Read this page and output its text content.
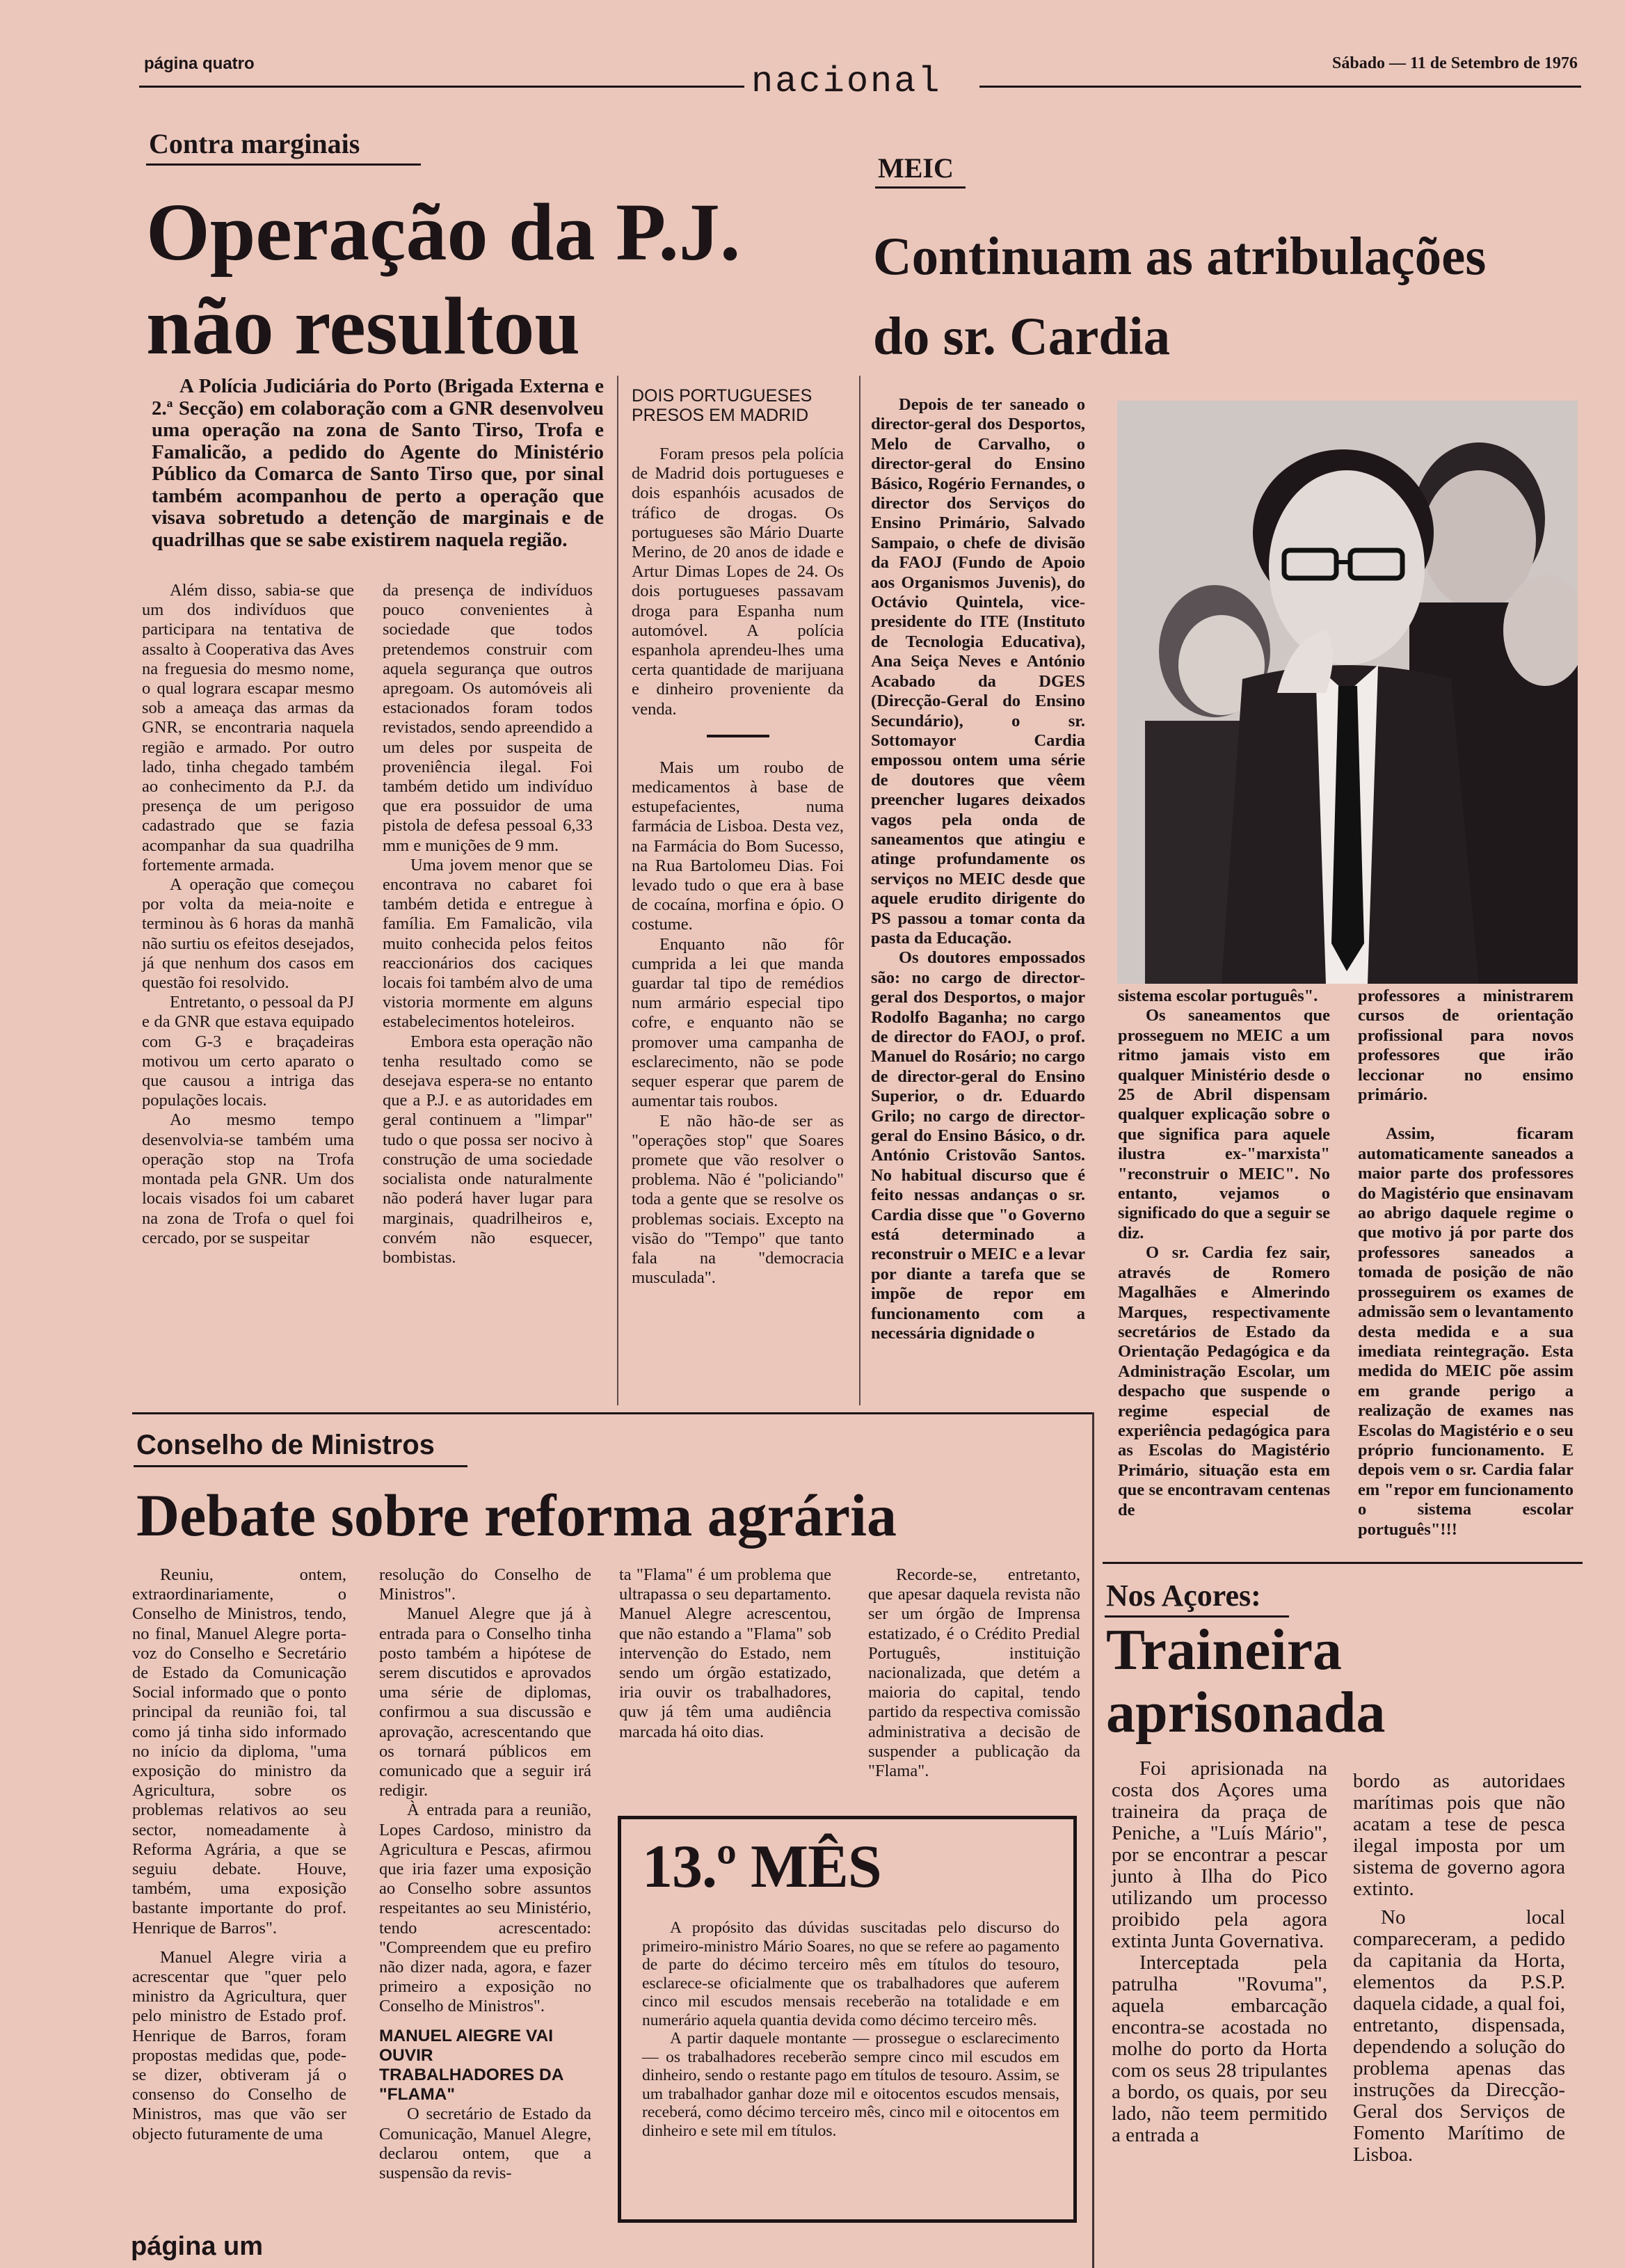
página quatro	nacional	Sábado — 11 de Setembro de 1976
Contra marginais
Operação da P.J.
não resultou

A Polícia Judiciária do Porto (Brigada Externa e 2.ª Secção) em colaboração com a GNR desenvolveu uma operação na zona de Santo Tirso, Trofa e Famalicão, a pedido do Agente do Ministério Público da Comarca de Santo Tirso que, por sinal também acompanhou de perto a operação que visava sobretudo a detenção de marginais e de quadrilhas que se sabe existirem naquela região.

Além disso, sabia-se que um dos indivíduos que participara na tentativa de assalto à Cooperativa das Aves na freguesia do mesmo nome, o qual lograra escapar mesmo sob a ameaça das armas da GNR, se encontraria naquela região e armado. Por outro lado, tinha chegado também ao conhecimento da P.J. da presença de um perigoso cadastrado que se fazia acompanhar da sua quadrilha fortemente armada.

A operação que começou por volta da meia-noite e terminou às 6 horas da manhã não surtiu os efeitos desejados, já que nenhum dos casos em questão foi resolvido.

Entretanto, o pessoal da PJ e da GNR que estava equipado com G-3 e braçadeiras motivou um certo aparato o que causou a intriga das populações locais.

Ao mesmo tempo desenvolvia-se também uma operação stop na Trofa montada pela GNR. Um dos locais visados foi um cabaret na zona de Trofa o quel foi cercado, por se suspeitar

da presença de indivíduos pouco convenientes à sociedade que todos pretendemos construir com aquela segurança que outros apregoam. Os automóveis ali estacionados foram todos revistados, sendo apreendido a um deles por suspeita de proveniência ilegal. Foi também detido um indivíduo que era possuidor de uma pistola de defesa pessoal 6,33 mm e munições de 9 mm.

Uma jovem menor que se encontrava no cabaret foi também detida e entregue à família. Em Famalicão, vila muito conhecida pelos feitos reaccionários dos caciques locais foi também alvo de uma vistoria mormente em alguns estabelecimentos hoteleiros.

Embora esta operação não tenha resultado como se desejava espera-se no entanto que a P.J. e as autoridades em geral continuem a "limpar" tudo o que possa ser nocivo à construção de uma sociedade socialista onde naturalmente não poderá haver lugar para marginais, quadrilheiros e, convém não esquecer, bombistas.

DOIS PORTUGUESES PRESOS EM MADRID

Foram presos pela polícia de Madrid dois portugueses e dois espanhóis acusados de tráfico de drogas. Os portugueses são Mário Duarte Merino, de 20 anos de idade e Artur Dimas Lopes de 24. Os dois portugueses passavam droga para Espanha num automóvel. A polícia espanhola aprendeu-lhes uma certa quantidade de marijuana e dinheiro proveniente da venda.

Mais um roubo de medicamentos à base de estupefacientes, numa farmácia de Lisboa. Desta vez, na Farmácia do Bom Sucesso, na Rua Bartolomeu Dias. Foi levado tudo o que era à base de cocaína, morfina e ópio. O costume.

Enquanto não fôr cumprida a lei que manda guardar tal tipo de remédios num armário especial tipo cofre, e enquanto não se promover uma campanha de esclarecimento, não se pode sequer esperar que parem de aumentar tais roubos.

E não hão-de ser as "operações stop" que Soares promete que vão resolver o problema. Não é "policiando" toda a gente que se resolve os problemas sociais. Excepto na visão do "Tempo" que tanto fala na "democracia musculada".

MEIC
Continuam as atribulações
do sr. Cardia

Depois de ter saneado o director-geral dos Desportos, Melo de Carvalho, o director-geral do Ensino Básico, Rogério Fernandes, o director dos Serviços do Ensino Primário, Salvado Sampaio, o chefe de divisão da FAOJ (Fundo de Apoio aos Organismos Juvenis), do Octávio Quintela, vice-presidente do ITE (Instituto de Tecnologia Educativa), Ana Seiça Neves e António Acabado da DGES (Direcção-Geral do Ensino Secundário), o sr. Sottomayor Cardia empossou ontem uma série de doutores que vêem preencher lugares deixados vagos pela onda de saneamentos que atingiu e atinge profundamente os serviços no MEIC desde que aquele erudito dirigente do PS passou a tomar conta da pasta da Educação.

Os doutores empossados são: no cargo de director-geral dos Desportos, o major Rodolfo Baganha; no cargo de director do FAOJ, o prof. Manuel do Rosário; no cargo de director-geral do Ensino Superior, o dr. Eduardo Grilo; no cargo de director-geral do Ensino Básico, o dr. António Cristovão Santos. No habitual discurso que é feito nessas andanças o sr. Cardia disse que "o Governo está determinado a reconstruir o MEIC e a levar por diante a tarefa que se impõe de repor em funcionamento com a necessária dignidade o

sistema escolar português".

Os saneamentos que prosseguem no MEIC a um ritmo jamais visto em qualquer Ministério desde o 25 de Abril dispensam qualquer explicação sobre o que significa para aquele ilustra ex-"marxista" "reconstruir o MEIC". No entanto, vejamos o significado do que a seguir se diz.

O sr. Cardia fez sair, através de Romero Magalhães e Almerindo Marques, respectivamente secretários de Estado da Orientação Pedagógica e da Administração Escolar, um despacho que suspende o regime especial de experiência pedagógica para as Escolas do Magistério Primário, situação esta em que se encontravam centenas de

professores a ministrarem cursos de orientação profissional para novos professores que irão leccionar no ensimo primário.

Assim, ficaram automaticamente saneados a maior parte dos professores do Magistério que ensinavam ao abrigo daquele regime o que motivo já por parte dos professores saneados a tomada de posição de não prosseguirem os exames de admissão sem o levantamento desta medida e a sua imediata reintegração. Esta medida do MEIC põe assim em grande perigo a realização de exames nas Escolas do Magistério e o seu próprio funcionamento. E depois vem o sr. Cardia falar em "repor em funcionamento o sistema escolar português"!!!

Conselho de Ministros
Debate sobre reforma agrária

Reuniu, ontem, extraordinariamente, o Conselho de Ministros, tendo, no final, Manuel Alegre porta-voz do Conselho e Secretário de Estado da Comunicação Social informado que o ponto principal da reunião foi, tal como já tinha sido informado no início da diploma, "uma exposição do ministro da Agricultura, sobre os problemas relativos ao seu sector, nomeadamente à Reforma Agrária, a que se seguiu debate. Houve, também, uma exposição bastante importante do prof. Henrique de Barros".

Manuel Alegre viria a acrescentar que "quer pelo ministro da Agricultura, quer pelo ministro de Estado prof. Henrique de Barros, foram propostas medidas que, pode-se dizer, obtiveram já o consenso do Conselho de Ministros, mas que vão ser objecto futuramente de uma

página um

resolução do Conselho de Ministros".

Manuel Alegre que já à entrada para o Conselho tinha posto também a hipótese de serem discutidos e aprovados uma série de diplomas, confirmou a sua discussão e aprovação, acrescentando que os tornará públicos em comunicado que a seguir irá redigir.

À entrada para a reunião, Lopes Cardoso, ministro da Agricultura e Pescas, afirmou que iria fazer uma exposição ao Conselho sobre assuntos respeitantes ao seu Ministério, tendo acrescentado: "Compreendem que eu prefiro não dizer nada, agora, e fazer primeiro a exposição no Conselho de Ministros".

MANUEL AlEGRE VAI OUVIR TRABALHADORES DA "FLAMA"

O secretário de Estado da Comunicação, Manuel Alegre, declarou ontem, que a suspensão da revis-

ta "Flama" é um problema que ultrapassa o seu departamento. Manuel Alegre acrescentou, que não estando a "Flama" sob intervenção do Estado, nem sendo um órgão estatizado, iria ouvir os trabalhadores, quw já têm uma audiência marcada há oito dias.

Recorde-se, entretanto, que apesar daquela revista não ser um órgão de Imprensa estatizado, é o Crédito Predial Português, instituição nacionalizada, que detém a maioria do capital, tendo partido da respectiva comissão administrativa a decisão de suspender a publicação da "Flama".

13.º MÊS

A propósito das dúvidas suscitadas pelo discurso do primeiro-ministro Mário Soares, no que se refere ao pagamento de parte do décimo terceiro mês em títulos do tesouro, esclarece-se oficialmente que os trabalhadores que auferem cinco mil escudos mensais receberão na totalidade e em numerário aquela quantia devida como décimo terceiro mês.

A partir daquele montante — prossegue o esclarecimento — os trabalhadores receberão sempre cinco mil escudos em dinheiro, sendo o restante pago em títulos de tesouro. Assim, se um trabalhador ganhar doze mil e oitocentos escudos mensais, receberá, como décimo terceiro mês, cinco mil e oitocentos em dinheiro e sete mil em títulos.

Nos Açores:
Traineira
aprisonada

Foi aprisionada na costa dos Açores uma traineira da praça de Peniche, a "Luís Mário", por se encontrar a pescar junto à Ilha do Pico utilizando um processo proibido pela agora extinta Junta Governativa.

Interceptada pela patrulha "Rovuma", aquela embarcação encontra-se acostada no molhe do porto da Horta com os seus 28 tripulantes a bordo, os quais, por seu lado, não teem permitido a entrada a

bordo as autoridaes marítimas pois que não acatam a tese de pesca ilegal imposta por um sistema de governo agora extinto.

No local compareceram, a pedido da capitania da Horta, elementos da P.S.P. daquela cidade, a qual foi, entretanto, dispensada, dependendo a solução do problema apenas das instruções da Direcção-Geral dos Serviços de Fomento Marítimo de Lisboa.
